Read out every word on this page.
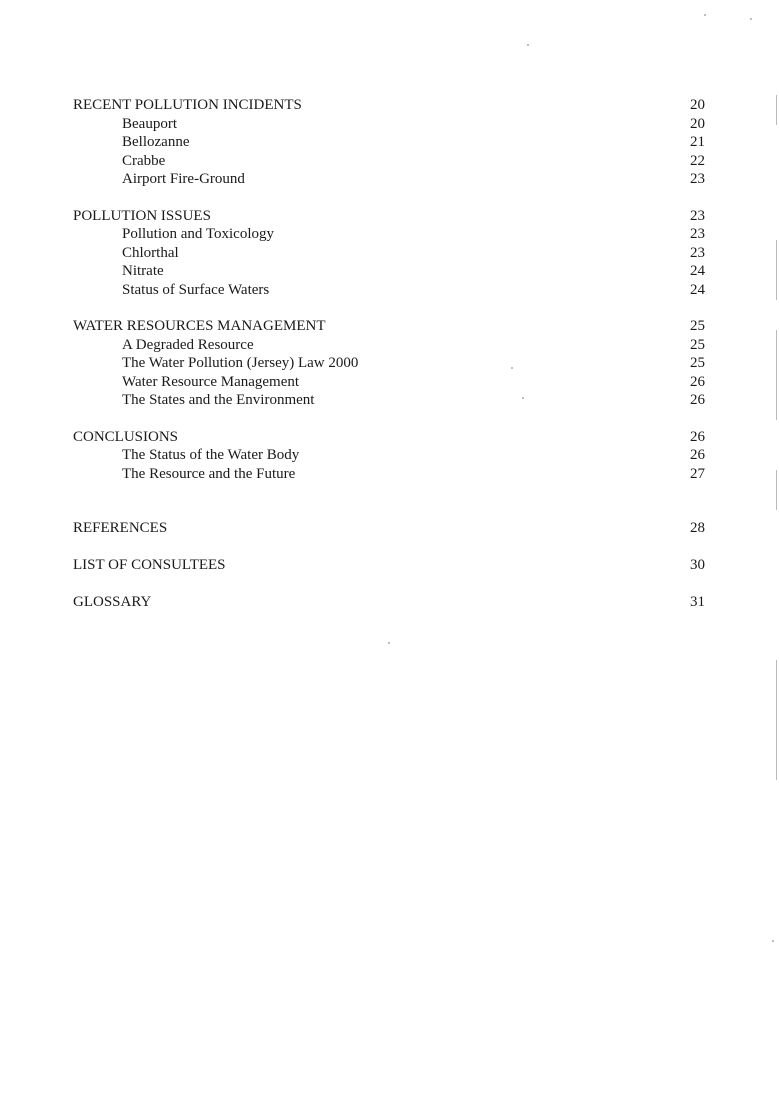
RECENT POLLUTION INCIDENTS	20
Beauport	20
Bellozanne	21
Crabbe	22
Airport Fire-Ground	23
POLLUTION ISSUES	23
Pollution and Toxicology	23
Chlorthal	23
Nitrate	24
Status of Surface Waters	24
WATER RESOURCES MANAGEMENT	25
A Degraded Resource	25
The Water Pollution (Jersey) Law 2000	25
Water Resource Management	26
The States and the Environment	26
CONCLUSIONS	26
The Status of the Water Body	26
The Resource and the Future	27
REFERENCES	28
LIST OF CONSULTEES	30
GLOSSARY	31
